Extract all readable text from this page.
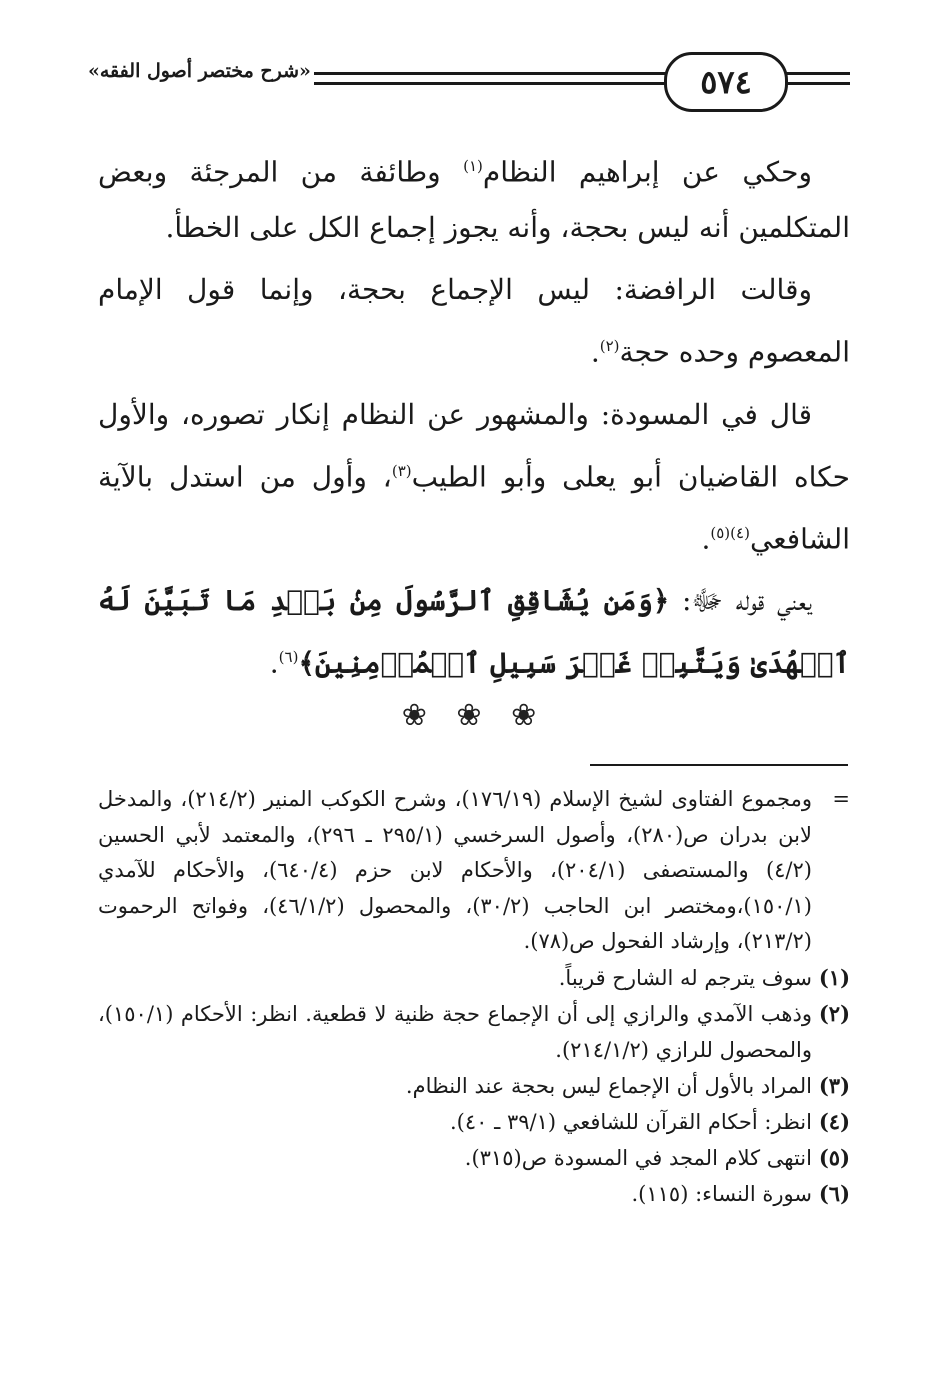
٥٧٤
«شرح مختصر أصول الفقه»

وحكي عن إبراهيم النظام$^{(١)}$ وطائفة من المرجئة وبعض المتكلمين أنه ليس بحجة، وأنه يجوز إجماع الكل على الخطأ.

وقالت الرافضة: ليس الإجماع بحجة، وإنما قول الإمام المعصوم وحده حجة$^{(٢)}$.

قال في المسودة: والمشهور عن النظام إنكار تصوره، والأول حكاه القاضيان أبو يعلى وأبو الطيب$^{(٣)}$، وأول من استدل بالآية الشافعي$^{(٤)(٥)}$.

يعني قوله ﷻ: ﴿وَمَن يُشَاقِقِ ٱلرَّسُولَ مِنۢ بَعۡدِ مَا تَبَيَّنَ لَهُ ٱلۡهُدَىٰ وَيَتَّبِعۡ غَيۡرَ سَبِيلِ ٱلۡمُؤۡمِنِينَ﴾$^{(٦)}$.

❀ ❀ ❀

=
ومجموع الفتاوى لشيخ الإسلام (١٧٦/١٩)، وشرح الكوكب المنير (٢١٤/٢)، والمدخل لابن بدران ص(٢٨٠)، وأصول السرخسي (٢٩٥/١ ـ ٢٩٦)، والمعتمد لأبي الحسين (٤/٢) والمستصفى (٢٠٤/١)، والأحكام لابن حزم (٦٤٠/٤)، والأحكام للآمدي (١٥٠/١)،ومختصر ابن الحاجب (٣٠/٢)، والمحصول (٤٦/١/٢)، وفواتح الرحموت (٢١٣/٢)، وإرشاد الفحول ص(٧٨).

(١)
سوف يترجم له الشارح قريباً.
(٢)
وذهب الآمدي والرازي إلى أن الإجماع حجة ظنية لا قطعية. انظر: الأحكام (١٥٠/١)، والمحصول للرازي (٢١٤/١/٢).
(٣)
المراد بالأول أن الإجماع ليس بحجة عند النظام.
(٤)
انظر: أحكام القرآن للشافعي (٣٩/١ ـ ٤٠).
(٥)
انتهى كلام المجد في المسودة ص(٣١٥).
(٦)
سورة النساء: (١١٥).
